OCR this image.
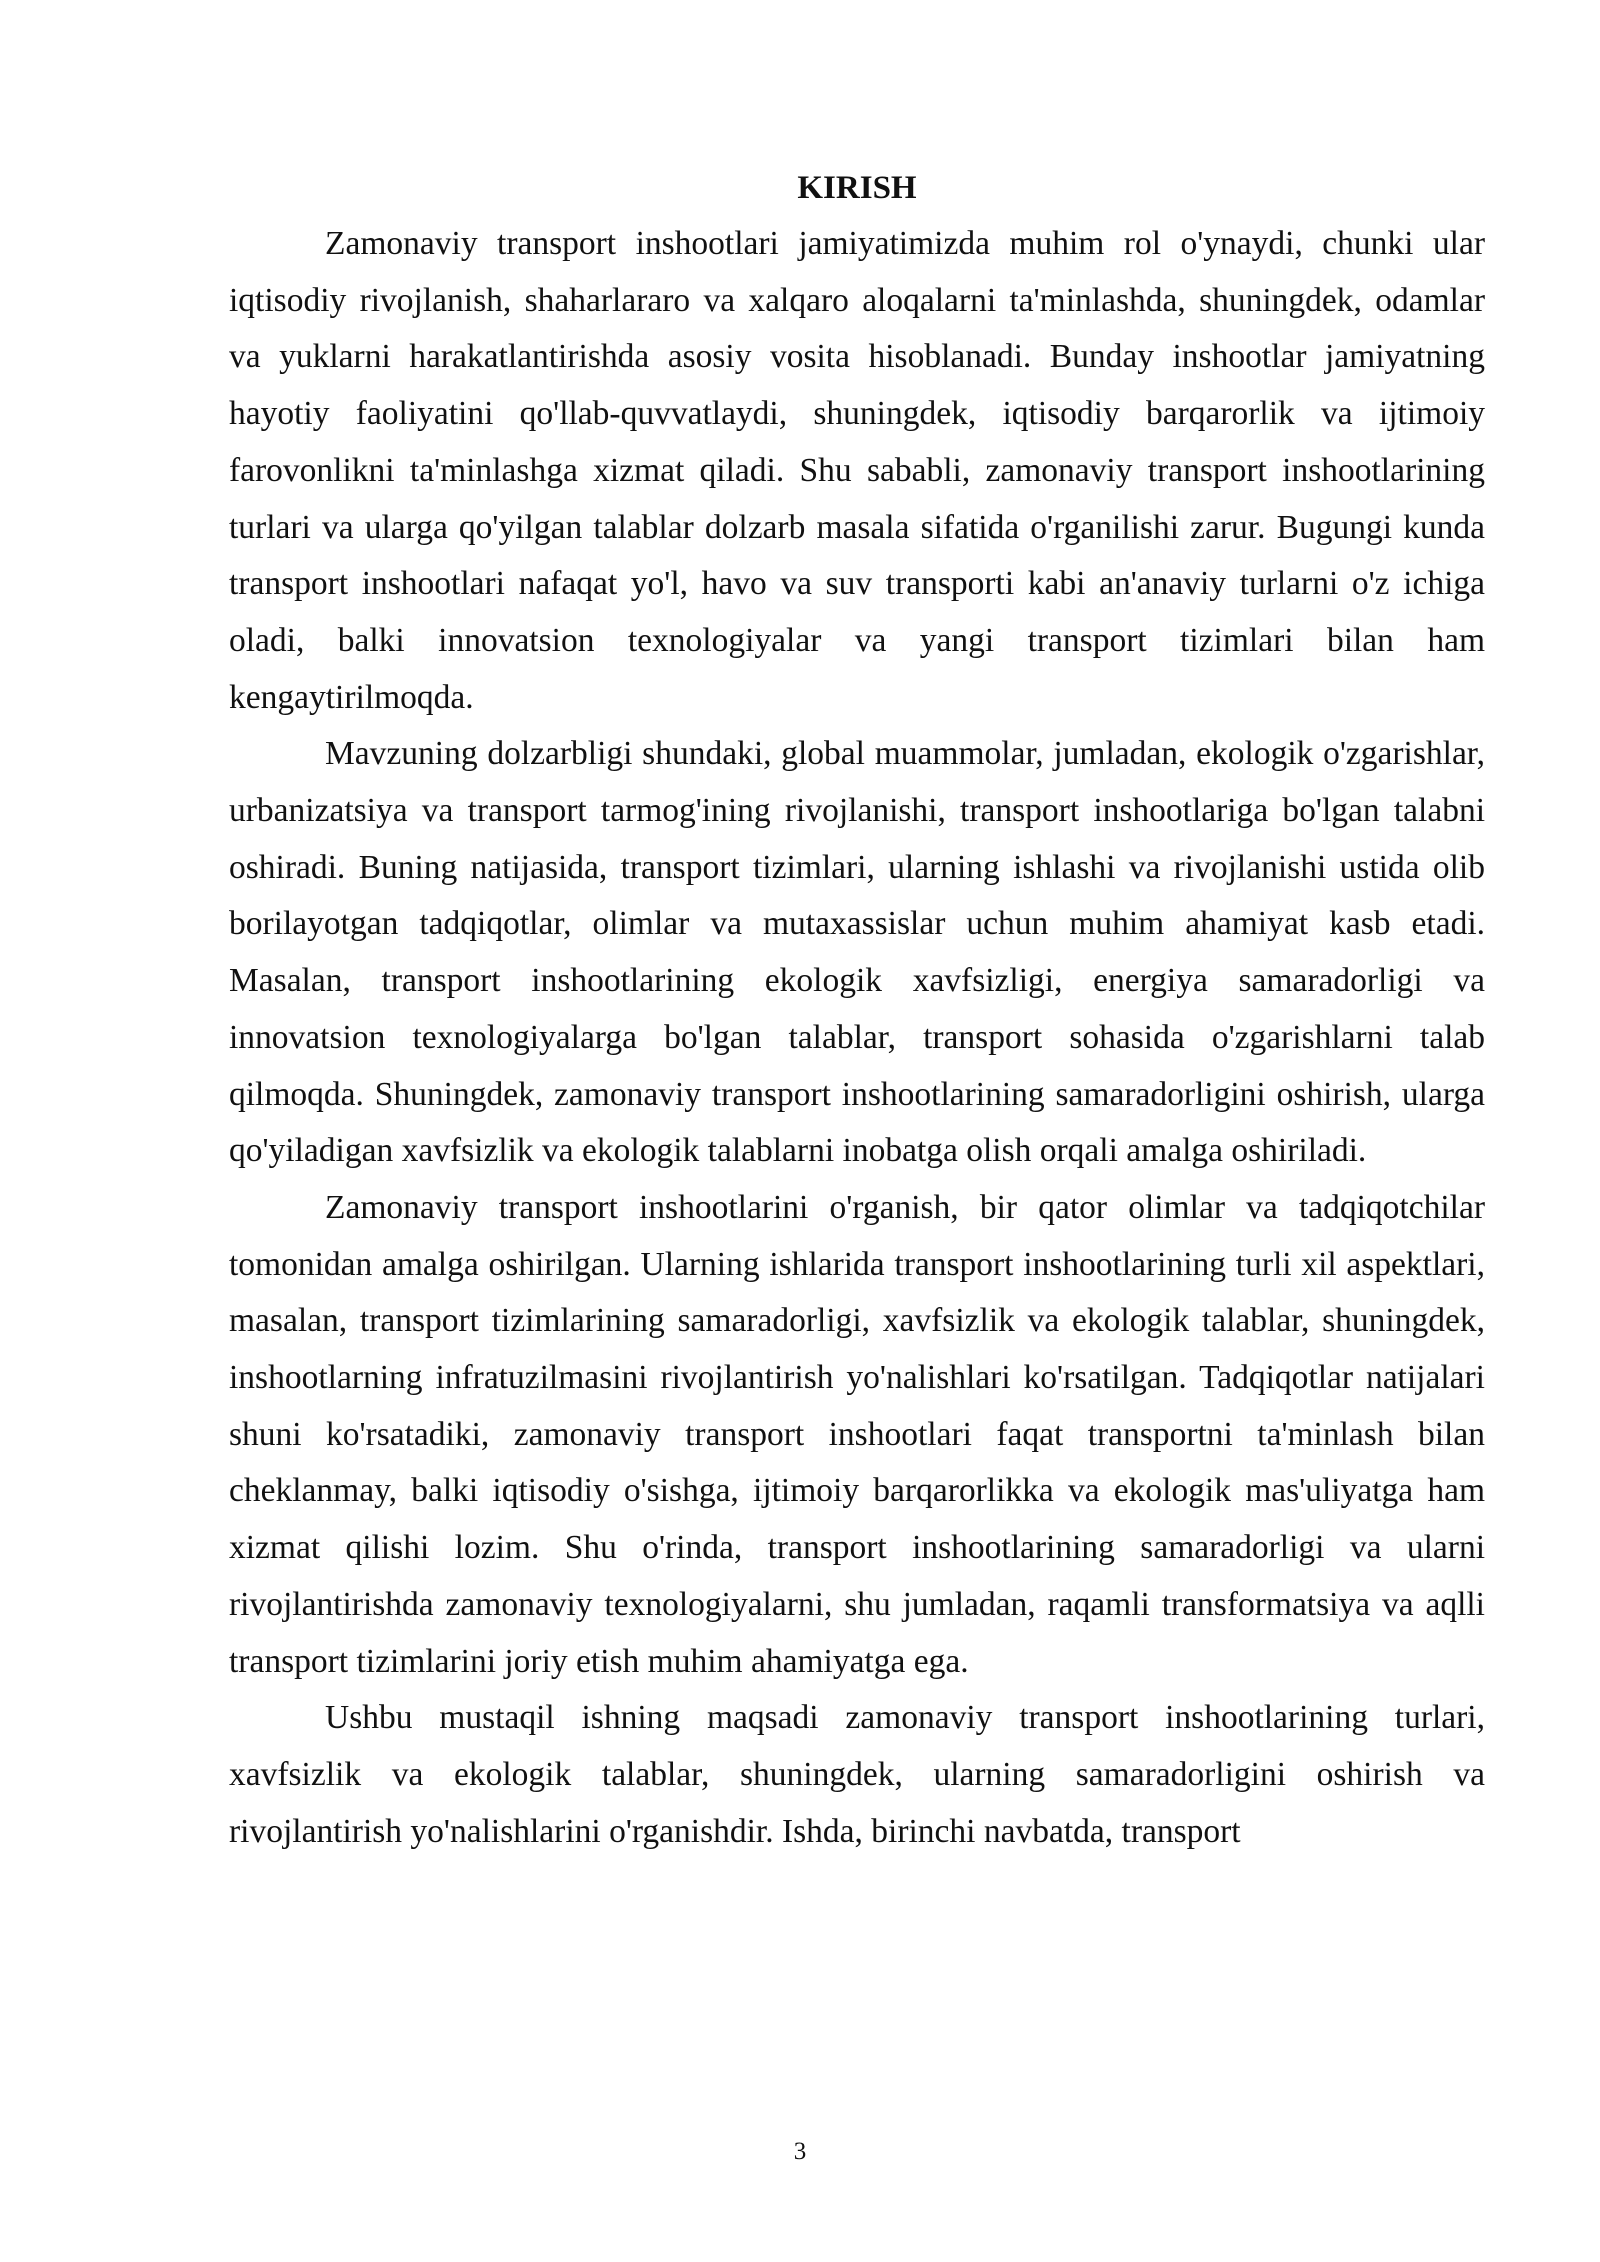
KIRISH

Zamonaviy transport inshootlari jamiyatimizda muhim rol o'ynaydi, chunki ular iqtisodiy rivojlanish, shaharlararo va xalqaro aloqalarni ta'minlashda, shuningdek, odamlar va yuklarni harakatlantirishda asosiy vosita hisoblanadi. Bunday inshootlar jamiyatning hayotiy faoliyatini qo'llab-quvvatlaydi, shuningdek, iqtisodiy barqarorlik va ijtimoiy farovonlikni ta'minlashga xizmat qiladi. Shu sababli, zamonaviy transport inshootlarining turlari va ularga qo'yilgan talablar dolzarb masala sifatida o'rganilishi zarur. Bugungi kunda transport inshootlari nafaqat yo'l, havo va suv transporti kabi an'anaviy turlarni o'z ichiga oladi, balki innovatsion texnologiyalar va yangi transport tizimlari bilan ham kengaytirilmoqda.

Mavzuning dolzarbligi shundaki, global muammolar, jumladan, ekologik o'zgarishlar, urbanizatsiya va transport tarmog'ining rivojlanishi, transport inshootlariga bo'lgan talabni oshiradi. Buning natijasida, transport tizimlari, ularning ishlashi va rivojlanishi ustida olib borilayotgan tadqiqotlar, olimlar va mutaxassislar uchun muhim ahamiyat kasb etadi. Masalan, transport inshootlarining ekologik xavfsizligi, energiya samaradorligi va innovatsion texnologiyalarga bo'lgan talablar, transport sohasida o'zgarishlarni talab qilmoqda. Shuningdek, zamonaviy transport inshootlarining samaradorligini oshirish, ularga qo'yiladigan xavfsizlik va ekologik talablarni inobatga olish orqali amalga oshiriladi.

Zamonaviy transport inshootlarini o'rganish, bir qator olimlar va tadqiqotchilar tomonidan amalga oshirilgan. Ularning ishlarida transport inshootlarining turli xil aspektlari, masalan, transport tizimlarining samaradorligi, xavfsizlik va ekologik talablar, shuningdek, inshootlarning infratuzilmasini rivojlantirish yo'nalishlari ko'rsatilgan. Tadqiqotlar natijalari shuni ko'rsatadiki, zamonaviy transport inshootlari faqat transportni ta'minlash bilan cheklanmay, balki iqtisodiy o'sishga, ijtimoiy barqarorlikka va ekologik mas'uliyatga ham xizmat qilishi lozim. Shu o'rinda, transport inshootlarining samaradorligi va ularni rivojlantirishda zamonaviy texnologiyalarni, shu jumladan, raqamli transformatsiya va aqlli transport tizimlarini joriy etish muhim ahamiyatga ega.

Ushbu mustaqil ishning maqsadi zamonaviy transport inshootlarining turlari, xavfsizlik va ekologik talablar, shuningdek, ularning samaradorligini oshirish va rivojlantirish yo'nalishlarini o'rganishdir. Ishda, birinchi navbatda, transport

3
